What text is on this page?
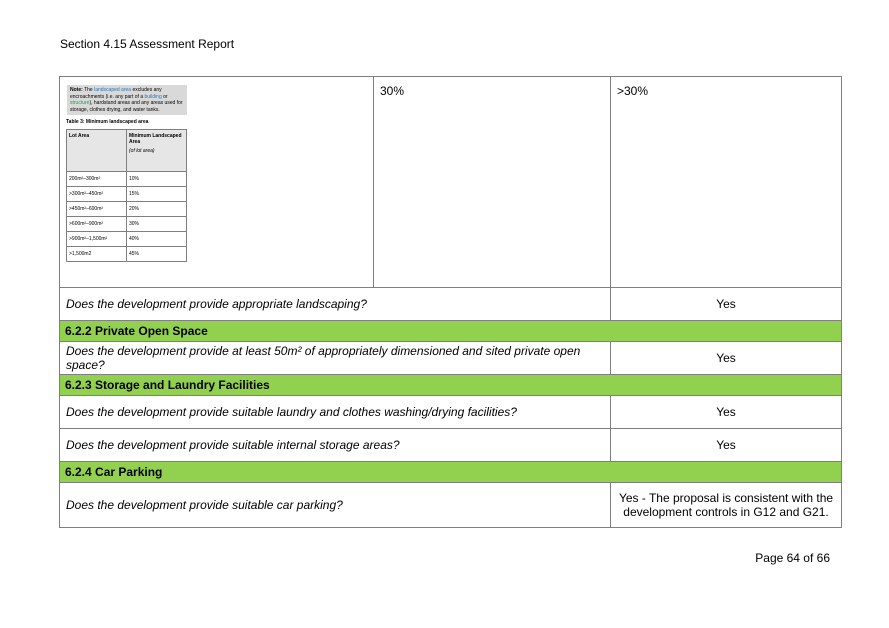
Section 4.15 Assessment Report
Note: The landscaped area excludes any encroachments (i.e. any part of a building or structure), hardstand areas and any areas used for storage, clothes drying, and water tanks.
Table 3: Minimum landscaped area
Lot Area	Minimum Landscaped Area
(of lot area)

200m²–300m²	10%
>300m²–450m²	15%
>450m²–600m²	20%
>600m²–900m²	30%
>900m²–1,500m²	40%
>1,500m2	45%
	30%	>30%
Does the development provide appropriate landscaping?	Yes
6.2.2 Private Open Space
Does the development provide at least 50m² of appropriately dimensioned and sited private open space?	Yes
6.2.3 Storage and Laundry Facilities
Does the development provide suitable laundry and clothes washing/drying facilities?	Yes
Does the development provide suitable internal storage areas?	Yes
6.2.4 Car Parking
Does the development provide suitable car parking?	Yes - The proposal is consistent with the development controls in G12 and G21.
Page 64 of 66
